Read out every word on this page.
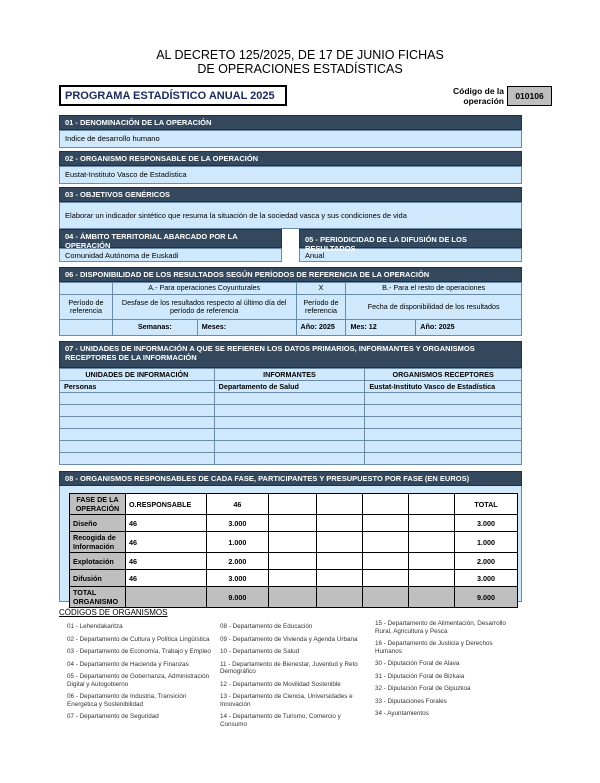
AL DECRETO 125/2025, DE 17 DE JUNIO FICHAS
DE OPERACIONES ESTADÍSTICAS
PROGRAMA ESTADÍSTICO ANUAL 2025	Código de la operación	010106
01 - DENOMINACIÓN DE LA OPERACIÓN
Indice de desarrollo humano
02 - ORGANISMO RESPONSABLE DE LA OPERACIÓN
Eustat-Instituto Vasco de Estadística
03 - OBJETIVOS GENÉRICOS
Elaborar un indicador sintético que resuma la situación de la sociedad vasca y sus condiciones de vida
04 - ÁMBITO TERRITORIAL ABARCADO POR LA OPERACIÓN
Comunidad Autónoma de Euskadi
05 - PERIODICIDAD DE LA DIFUSIÓN DE LOS RESULTADOS
Anual
06 - DISPONIBILIDAD DE LOS RESULTADOS SEGÚN PERÍODOS DE REFERENCIA DE LA OPERACIÓN
	A.- Para operaciones Coyunturales		X	B.- Para el resto de operaciones	
Período de referencia	Desfase de los resultados respecto al último día del período de referencia		Período de referencia	Fecha de disponibilidad de los resultados	
	Semanas:	Meses:	Año: 2025	Mes: 12	Año: 2025
07 - UNIDADES DE INFORMACIÓN A QUE SE REFIEREN LOS DATOS PRIMARIOS, INFORMANTES Y ORGANISMOS RECEPTORES DE LA INFORMACIÓN
UNIDADES DE INFORMACIÓN	INFORMANTES	ORGANISMOS RECEPTORES
Personas	Departamento de Salud	Eustat-Instituto Vasco de Estadística

08 - ORGANISMOS RESPONSABLES DE CADA FASE, PARTICIPANTES Y PRESUPUESTO POR FASE (EN EUROS)
FASE DE LA OPERACIÓN	O.RESPONSABLE	46					TOTAL
Diseño	46	3.000					3.000
Recogida de Información	46	1.000					1.000
Explotación	46	2.000					2.000
Difusión	46	3.000					3.000
TOTAL ORGANISMO		9.000					9.000
CÓDIGOS DE ORGANISMOS
01 - Lehendakaritza
02 - Departamento de Cultura y Política Lingüística
03 - Departamento de Economía, Trabajo y Empleo
04 - Departamento de Hacienda y Finanzas
05 - Departamento de Gobernanza, Administración Digital y Autogobierno
06 - Departamento de Industria, Transición Energética y Sostenibilidad
07 - Departamento de Seguridad
08 - Departamento de Educación
09 - Departamento de Vivienda y Agenda Urbana
10 - Departamento de Salud
11 - Departamento de Bienestar, Juventud y Reto Demográfico
12 - Departamento de Movilidad Sostenible
13 - Departamento de Ciencia, Universidades e Innovación
14 - Departamento de Turismo, Comercio y Consumo
15 - Departamento de Alimentación, Desarrollo Rural, Agricultura y Pesca
16 - Departamento de Justicia y Derechos Humanos
30 - Diputación Foral de Alava
31 - Diputación Foral de Bizkaia
32 - Diputación Foral de Gipuzkoa
33 - Diputaciones Forales
34 - Ayuntamientos
